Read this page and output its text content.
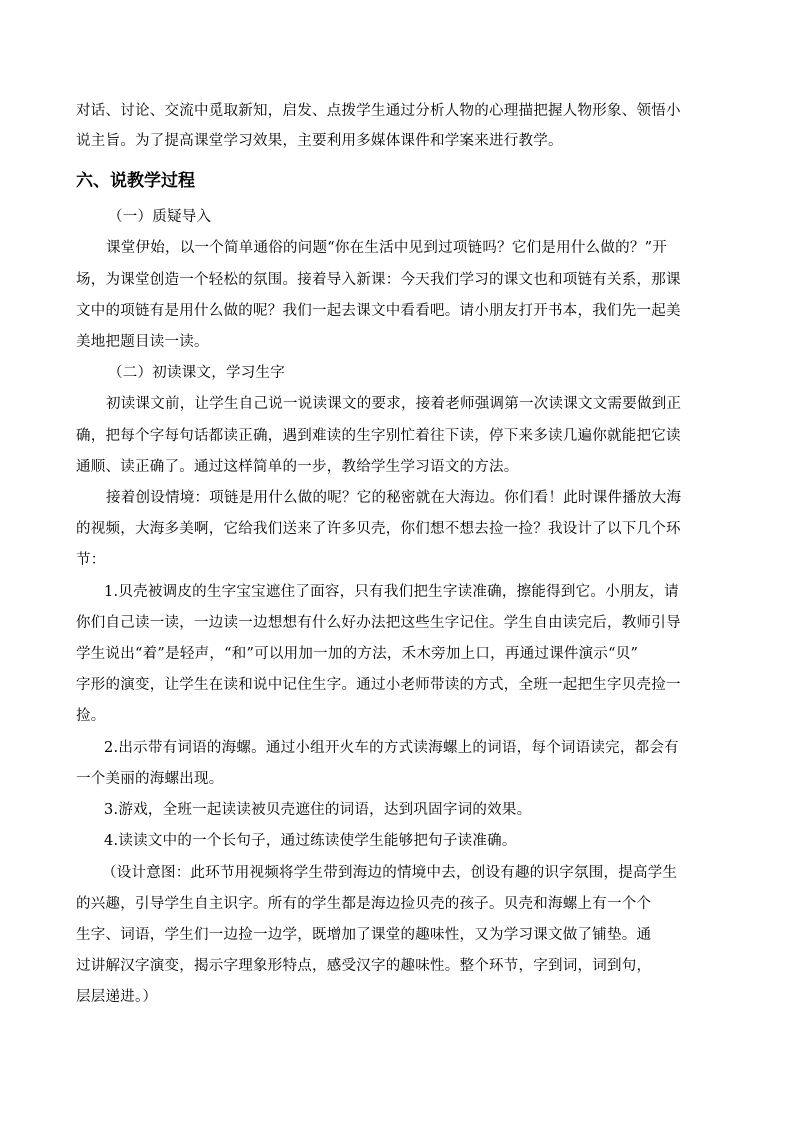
对话、讨论、交流中觅取新知，启发、点拨学生通过分析人物的心理描把握人物形象、领悟小
说主旨。为了提高课堂学习效果，主要利用多媒体课件和学案来进行教学。
六、说教学过程
（一）质疑导入
课堂伊始，以一个简单通俗的问题“你在生活中见到过项链吗？它们是用什么做的？”开
场，为课堂创造一个轻松的氛围。接着导入新课：今天我们学习的课文也和项链有关系，那课
文中的项链有是用什么做的呢？我们一起去课文中看看吧。请小朋友打开书本，我们先一起美
美地把题目读一读。
（二）初读课文，学习生字
初读课文前，让学生自己说一说读课文的要求，接着老师强调第一次读课文文需要做到正
确，把每个字每句话都读正确，遇到难读的生字别忙着往下读，停下来多读几遍你就能把它读
通顺、读正确了。通过这样简单的一步，教给学生学习语文的方法。
接着创设情境：项链是用什么做的呢？它的秘密就在大海边。你们看！此时课件播放大海
的视频，大海多美啊，它给我们送来了许多贝壳，你们想不想去捡一捡？我设计了以下几个环
节：
1.贝壳被调皮的生字宝宝遮住了面容，只有我们把生字读准确，擦能得到它。小朋友，请
你们自己读一读，一边读一边想想有什么好办法把这些生字记住。学生自由读完后，教师引导
学生说出“着”是轻声，“和”可以用加一加的方法，禾木旁加上口，再通过课件演示“贝”
字形的演变，让学生在读和说中记住生字。通过小老师带读的方式，全班一起把生字贝壳捡一
捡。
2.出示带有词语的海螺。通过小组开火车的方式读海螺上的词语，每个词语读完，都会有
一个美丽的海螺出现。
3.游戏，全班一起读读被贝壳遮住的词语，达到巩固字词的效果。
4.读读文中的一个长句子，通过练读使学生能够把句子读准确。
（设计意图：此环节用视频将学生带到海边的情境中去，创设有趣的识字氛围，提高学生
的兴趣，引导学生自主识字。所有的学生都是海边捡贝壳的孩子。贝壳和海螺上有一个个
生字、词语，学生们一边捡一边学，既增加了课堂的趣味性，又为学习课文做了铺垫。通
过讲解汉字演变，揭示字理象形特点，感受汉字的趣味性。整个环节，字到词，词到句，
层层递进。）
